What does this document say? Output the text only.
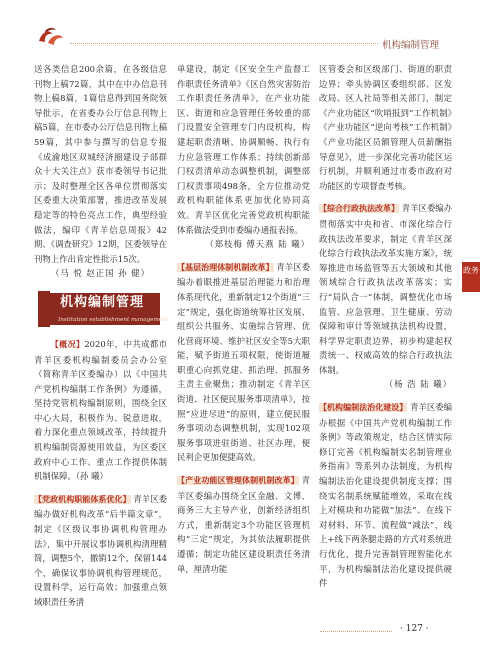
机构编制管理

送各类信息200余篇，在各级信息刊物上稿72篇，其中在中办信息刊物上稿8篇，1篇信息得到国务院领导批示，在省委办公厅信息刊物上稿5篇，在市委办公厅信息刊物上稿59篇，其中参与撰写的信息专报《成渝地区双城经济圈建设子部群众十大关注点》获市委领导书记批示；及时整理全区各单位贯彻落实区委重大决策部署，推进改革发展稳定等的特色亮点工作，典型经验做法，编印《青羊信息周报》42期、《调查研究》12期，区委领导在刊物上作出肯定性批示15次。

（马 悦 赵正国 孙 健）
机构编制管理
Institution establishment management

【概况】2020年，中共成都市青羊区委机构编制委员会办公室（简称青羊区委编办）以《中国共产党机构编制工作条例》为遵循，坚持党管机构编制原则，围绕全区中心大局，积极作为、锐意进取，着力深化重点领域改革，持续提升机构编制资源使用效益，为区委区政府中心工作、重点工作提供体制机制保障。（孙 曦）

【党政机构职能体系优化】 青羊区委编办做好机构改革“后半篇文章”，制定《区级议事协调机构管理办法》，集中开展议事协调机构清理精简，调整5个，撤销12个，保留144个，确保议事协调机构管理规范，设置科学，运行高效；加强重点领域职责任务清

单建设，制定《区安全生产监督工作职责任务清单》《区自然灾害防治工作职责任务清单》，在产业功能区、街道和应急管理任务较重的部门设置安全管理专门内设机构，构建起职责清晰、协调顺畅、执行有力应急管理工作体系；持续创新部门权责清单动态调整机制，调整部门权责事项498条，全方位推动党政机构职能体系更加优化协同高效。青羊区优化完善党政机构职能体系做法受到市委编办通报表扬。

（郑枝梅 傅天燕 陆 曦）

【基层治理体制机制改革】 青羊区委编办着眼推进基层治理能力和治理体系现代化，重新制定12个街道“三定”规定，强化街道统筹社区发展、组织公共服务、实施综合管理、优化营商环境、维护社区安全等5大职能，赋予街道五项权限，使街道履职重心向抓党建、抓治理、抓服务主责主业聚焦；推动制定《青羊区街道、社区便民服务事项清单》，按照“应进尽进”的原则，建立便民服务事项动态调整机制，实现102项服务事项进驻街道、社区办理，便民利企更加便捷高效。

【产业功能区管理体制机制改革】 青羊区委编办围绕全区金融、文博、商务三大主导产业，创新经济组织方式，重新制定3个功能区管理机构“三定”规定，为其依法履职提供遵循；制定功能区建设职责任务清单，厘清功能

区管委会和区级部门、街道的职责边界；牵头协调区委组织部、区发改局、区人社局等相关部门，制定《产业功能区“吹哨报到”工作机制》《产业功能区“逆向考核”工作机制》《产业功能区员额管理人员薪酬指导意见》，进一步深化完善功能区运行机制，并顺利通过市委市政府对功能区的专项督查考核。

【综合行政执法改革】 青羊区委编办贯彻落实中央和省、市深化综合行政执法改革要求，制定《青羊区深化综合行政执法改革实施方案》，统筹推进市场监管等五大领域和其他领域综合行政执法改革落实；实行“局队合一”体制，调整优化市场监管、应急管理、卫生健康、劳动保障和审计等领域执法机构设置，科学界定职责边界，初步构建起权责统一、权威高效的综合行政执法体制。

（杨 浩 陆 曦）

【机构编制法治化建设】 青羊区委编办根据《中国共产党机构编制工作条例》等政策规定，结合区情实际修订完善《机构编制实名制管理业务指南》等系列办法制度，为机构编制法治化建设提供制度支撑；围绕实名制系统赋能增效，采取在线上对模块和功能做“加法”、在线下对材料、环节、流程做“减法”，线上+线下两条腿走路的方式对系统进行优化，提升完善制管理智能化水平，为机构编制法治化建设提供硬件

政务
· 127 ·
